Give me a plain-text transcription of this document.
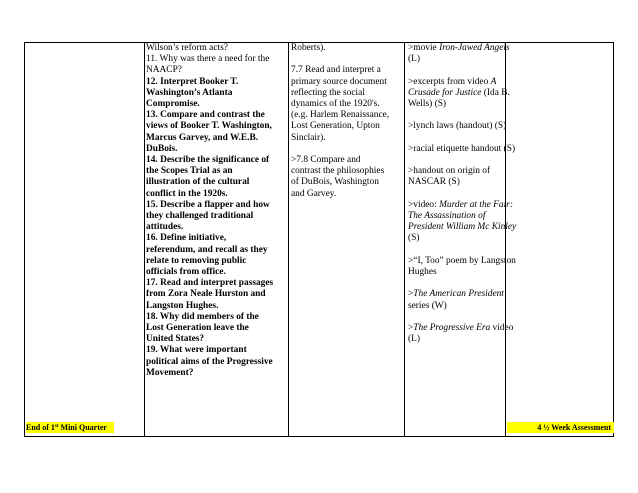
Wilson’s reform acts?
11. Why was there a need for the
NAACP?
12. Interpret Booker T.
Washington’s Atlanta
Compromise.
13. Compare and contrast the
views of Booker T. Washington,
Marcus Garvey, and W.E.B.
DuBois.
14. Describe the significance of
the Scopes Trial as an
illustration of the cultural
conflict in the 1920s.
15. Describe a flapper and how
they challenged traditional
attitudes.
16. Define initiative,
referendum, and recall as they
relate to removing public
officials from office.
17. Read and interpret passages
from Zora Neale Hurston and
Langston Hughes.
18. Why did members of the
Lost Generation leave the
United States?
19. What were important
political aims of the Progressive
Movement?
Roberts).
7.7 Read and interpret a
primary source document
reflecting the social
dynamics of the 1920's.
(e.g. Harlem Renaissance,
Lost Generation, Upton
Sinclair).
>7.8 Compare and
contrast the philosophies
of DuBois, Washington
and Garvey.
>movie Iron-Jawed Angels (L)
>excerpts from video A Crusade for Justice (Ida B. Wells) (S)
>lynch laws (handout) (S)
>racial etiquette handout (S)
>handout on origin of NASCAR (S)
>video: Murder at the Fair: The Assassination of President William Mc Kinley (S)
>“I, Too” poem by Langston Hughes
>The American President series (W)
>The Progressive Era video (L)
End of 1st Mini Quarter	4 ½ Week Assessment
